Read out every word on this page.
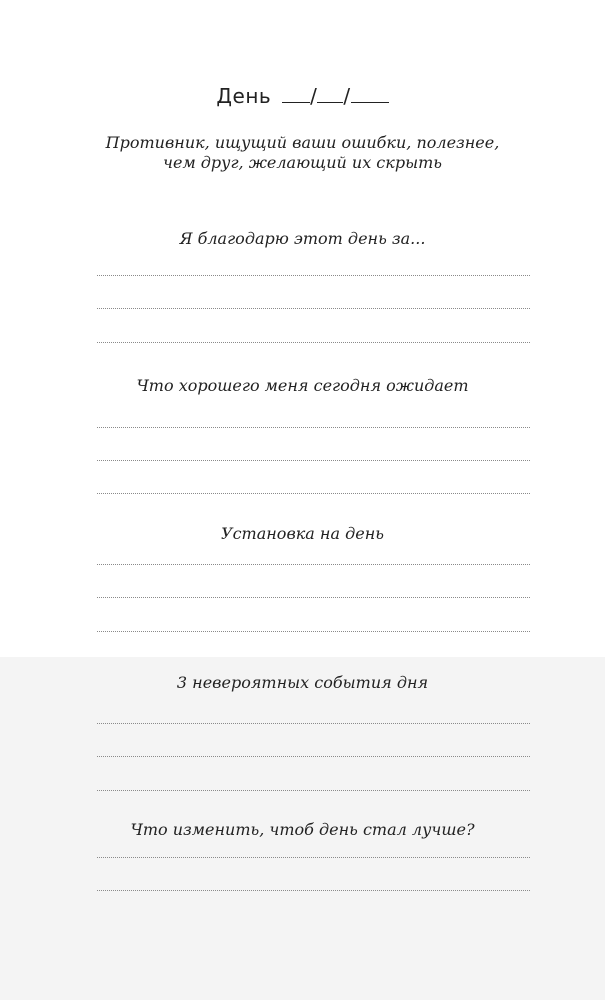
День / /
Противник, ищущий ваши ошибки, полезнее,
чем друг, желающий их скрыть
Я благодарю этот день за...
Что хорошего меня сегодня ожидает
Установка на день
3 невероятных события дня
Что изменить, чтоб день стал лучше?
